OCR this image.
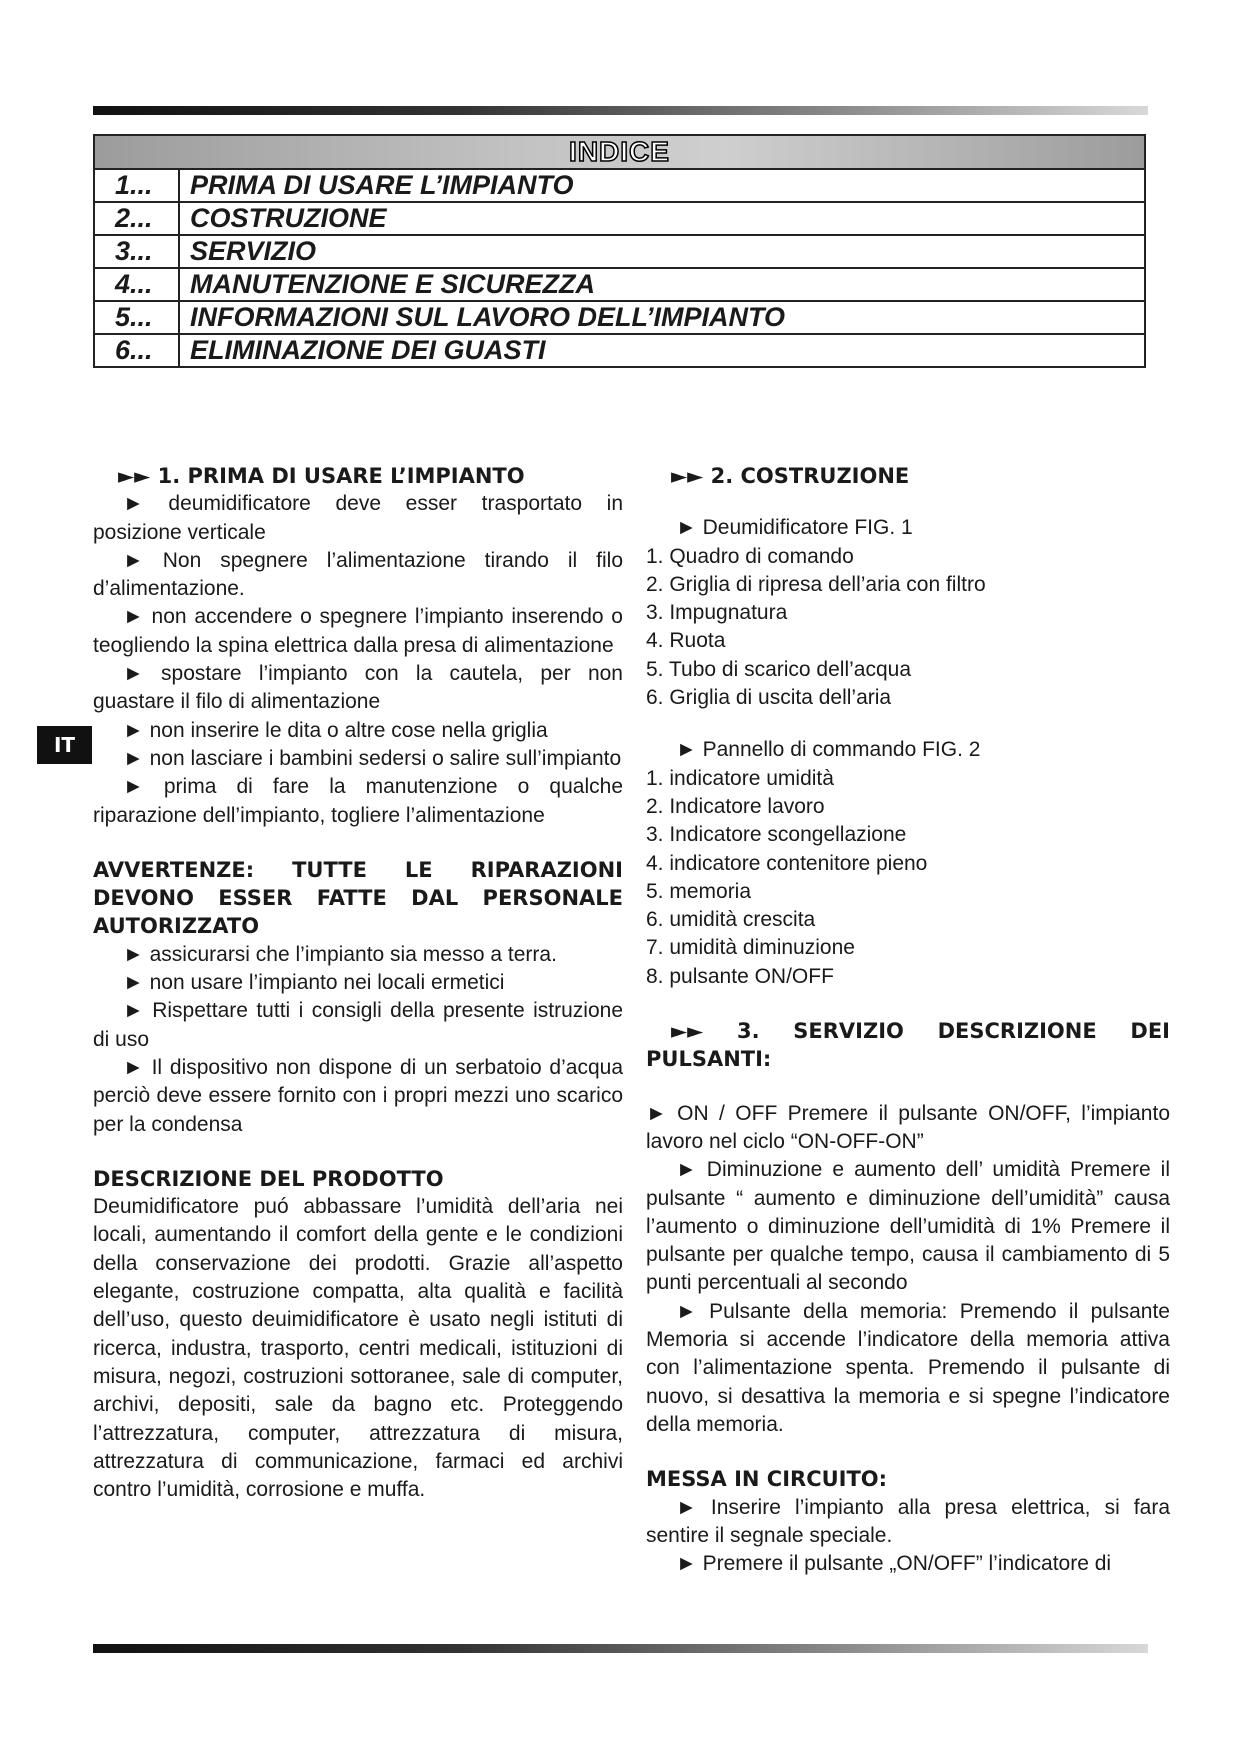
INDICE	
1...	PRIMA DI USARE L’IMPIANTO
2...	COSTRUZIONE
3...	SERVIZIO
4...	MANUTENZIONE E SICUREZZA
5...	INFORMAZIONI SUL LAVORO DELL’IMPIANTO
6...	ELIMINAZIONE DEI GUASTI
IT

►► 1. PRIMA DI USARE L’IMPIANTO

► deumidificatore deve esser trasportato in posizione verticale

► Non spegnere l’alimentazione tirando il filo d’alimentazione.

► non accendere o spegnere l’impianto inserendo o teogliendo la spina elettrica dalla presa di alimentazione

► spostare l’impianto con la cautela, per non guastare il filo di alimentazione

► non inserire le dita o altre cose nella griglia

► non lasciare i bambini sedersi o salire sull’impianto

► prima di fare la manutenzione o qualche riparazione dell’impianto, togliere l’alimentazione

AVVERTENZE: TUTTE LE RIPARAZIONI DEVONO ESSER FATTE DAL PERSONALE AUTORIZZATO

► assicurarsi che l’impianto sia messo a terra.

► non usare l’impianto nei locali ermetici

► Rispettare tutti i consigli della presente istruzione di uso

► Il dispositivo non dispone di un serbatoio d’acqua perciò deve essere fornito con i propri mezzi uno scarico per la condensa

DESCRIZIONE DEL PRODOTTO

Deumidificatore puó abbassare l’umidità dell’aria nei locali, aumentando il comfort della gente e le condizioni della conservazione dei prodotti. Grazie all’aspetto elegante, costruzione compatta, alta qualità e facilità dell’uso, questo deuimidificatore è usato negli istituti di ricerca, industra, trasporto, centri medicali, istituzioni di misura, negozi, costruzioni sottoranee, sale di computer, archivi, depositi, sale da bagno etc. Proteggendo l’attrezzatura, computer, attrezzatura di misura, attrezzatura di communicazione, farmaci ed archivi contro l’umidità, corrosione e muffa.

►► 2. COSTRUZIONE

► Deumidificatore FIG. 1

1. Quadro di comando

2. Griglia di ripresa dell’aria con filtro

3. Impugnatura

4. Ruota

5. Tubo di scarico dell’acqua

6. Griglia di uscita dell’aria

► Pannello di commando FIG. 2

1. indicatore umidità

2. Indicatore lavoro

3. Indicatore scongellazione

4. indicatore contenitore pieno

5. memoria

6. umidità crescita

7. umidità diminuzione

8. pulsante ON/OFF

►► 3. SERVIZIO DESCRIZIONE DEI PULSANTI:

► ON / OFF Premere il pulsante ON/OFF, l’impianto lavoro nel ciclo “ON-OFF-ON”

► Diminuzione e aumento dell’ umidità Premere il pulsante “ aumento e diminuzione dell’umidità” causa l’aumento o diminuzione dell’umidità di 1% Premere il pulsante per qualche tempo, causa il cambiamento di 5 punti percentuali al secondo

► Pulsante della memoria: Premendo il pulsante Memoria si accende l’indicatore della memoria attiva con l’alimentazione spenta. Premendo il pulsante di nuovo, si desattiva la memoria e si spegne l’indicatore della memoria.

MESSA IN CIRCUITO:

► Inserire l’impianto alla presa elettrica, si fara sentire il segnale speciale.

► Premere il pulsante „ON/OFF” l’indicatore di
